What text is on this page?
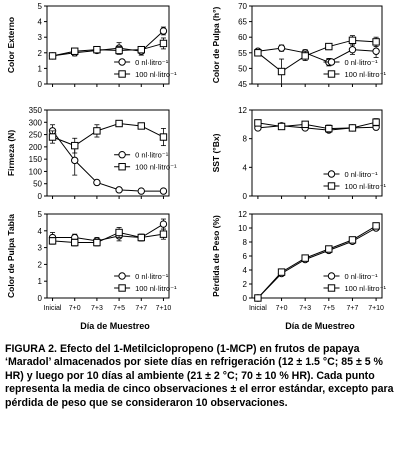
0
1
2
3
4
5
Color Externo	0 nl·litro⁻¹
100 nl·litro⁻¹
45
50
55
60
65
70
Color de Pulpa (h°)	0 nl·litro⁻¹
100 nl·litro⁻¹
0
50
100
150
200
250
300
350
Firmeza (N)	0 nl·litro⁻¹
100 nl·litro⁻¹
0
4
8
12
SST (°Bx)
0 nl·litro⁻¹
100 nl·litro⁻¹
0
1
2
3
4
5
Color de Pulpa Tabla
Inicial 7+0 7+3 7+5 7+7 7+10
0 nl·litro⁻¹
100 nl·litro⁻¹
0
2
4
6
8
10
12
Pérdida de Peso (%)
Inicial 7+0 7+3 7+5 7+7 7+10
0 nl·litro⁻¹
100 nl·litro⁻¹
Día de Muestreo	Día de Muestreo

FIGURA 2. Efecto del 1-Metilciclopropeno (1-MCP) en frutos de papaya ‘Maradol’ almacenados por siete días en refrigeración (12 ± 1.5 °C; 85 ± 5 % HR) y luego por 10 días al ambiente (21 ± 2 °C; 70 ± 10 % HR). Cada punto representa la media de cinco observaciones ± el error estándar, excepto para pérdida de peso que se consideraron 10 observaciones.
